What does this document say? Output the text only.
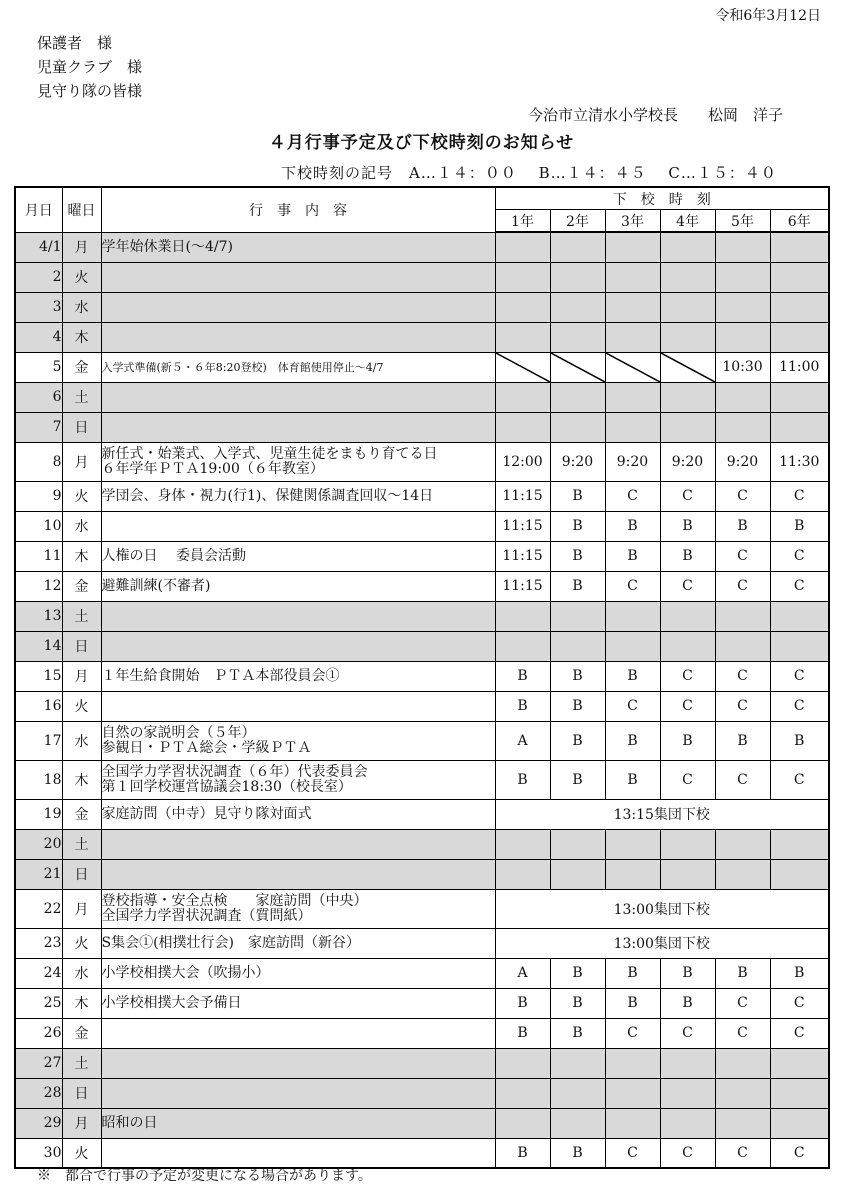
令和6年3月12日
保護者　様
児童クラブ　様
見守り隊の皆様
今治市立清水小学校長　　松岡　洋子
４月行事予定及び下校時刻のお知らせ
下校時刻の記号　A…１４：００　 B…１４：４５　 C…１５：４０
月日	曜日	行　事　内　容	下　校　時　刻					
			1年	2年	3年	4年	5年	6年
4/1	月	学年始休業日(～4/7)						

2	火	

3	水	

4	木	

5	金	入学式準備(新５・６年8:20登校)　体育館使用停止～4/7					10:30	11:00
6	土	

7	日	

8	月	新任式・始業式、入学式、児童生徒をまもり育てる日
６年学年ＰＴＡ19:00（６年教室）	12:00	9:20	9:20	9:20	9:20	11:30
9	火	学団会、身体・視力(行1)、保健関係調査回収～14日	11:15	B	C	C	C	C
10	水		11:15	B	B	B	B	B
11	木	人権の日　 委員会活動	11:15	B	B	B	C	C
12	金	避難訓練(不審者)	11:15	B	C	C	C	C
13	土	

14	日	

15	月	１年生給食開始　ＰＴＡ本部役員会①	B	B	B	C	C	C
16	火		B	B	C	C	C	C
17	水	自然の家説明会（５年）
参観日・ＰＴＡ総会・学級ＰＴＡ	A	B	B	B	B	B
18	木	全国学力学習状況調査（６年）代表委員会
第１回学校運営協議会18:30（校長室）	B	B	B	C	C	C
19	金	家庭訪問（中寺）見守り隊対面式	13:15集団下校					
20	土	

21	日	

22	月	登校指導・安全点検　　家庭訪問（中央）
全国学力学習状況調査（質問紙）	13:00集団下校					
23	火	S集会①(相撲壮行会)　家庭訪問（新谷）	13:00集団下校					
24	水	小学校相撲大会（吹揚小）	A	B	B	B	B	B
25	木	小学校相撲大会予備日	B	B	B	B	C	C
26	金		B	B	C	C	C	C
27	土	

28	日	

29	月	昭和の日						

30	火		B	B	C	C	C	C
※　都合で行事の予定が変更になる場合があります。
